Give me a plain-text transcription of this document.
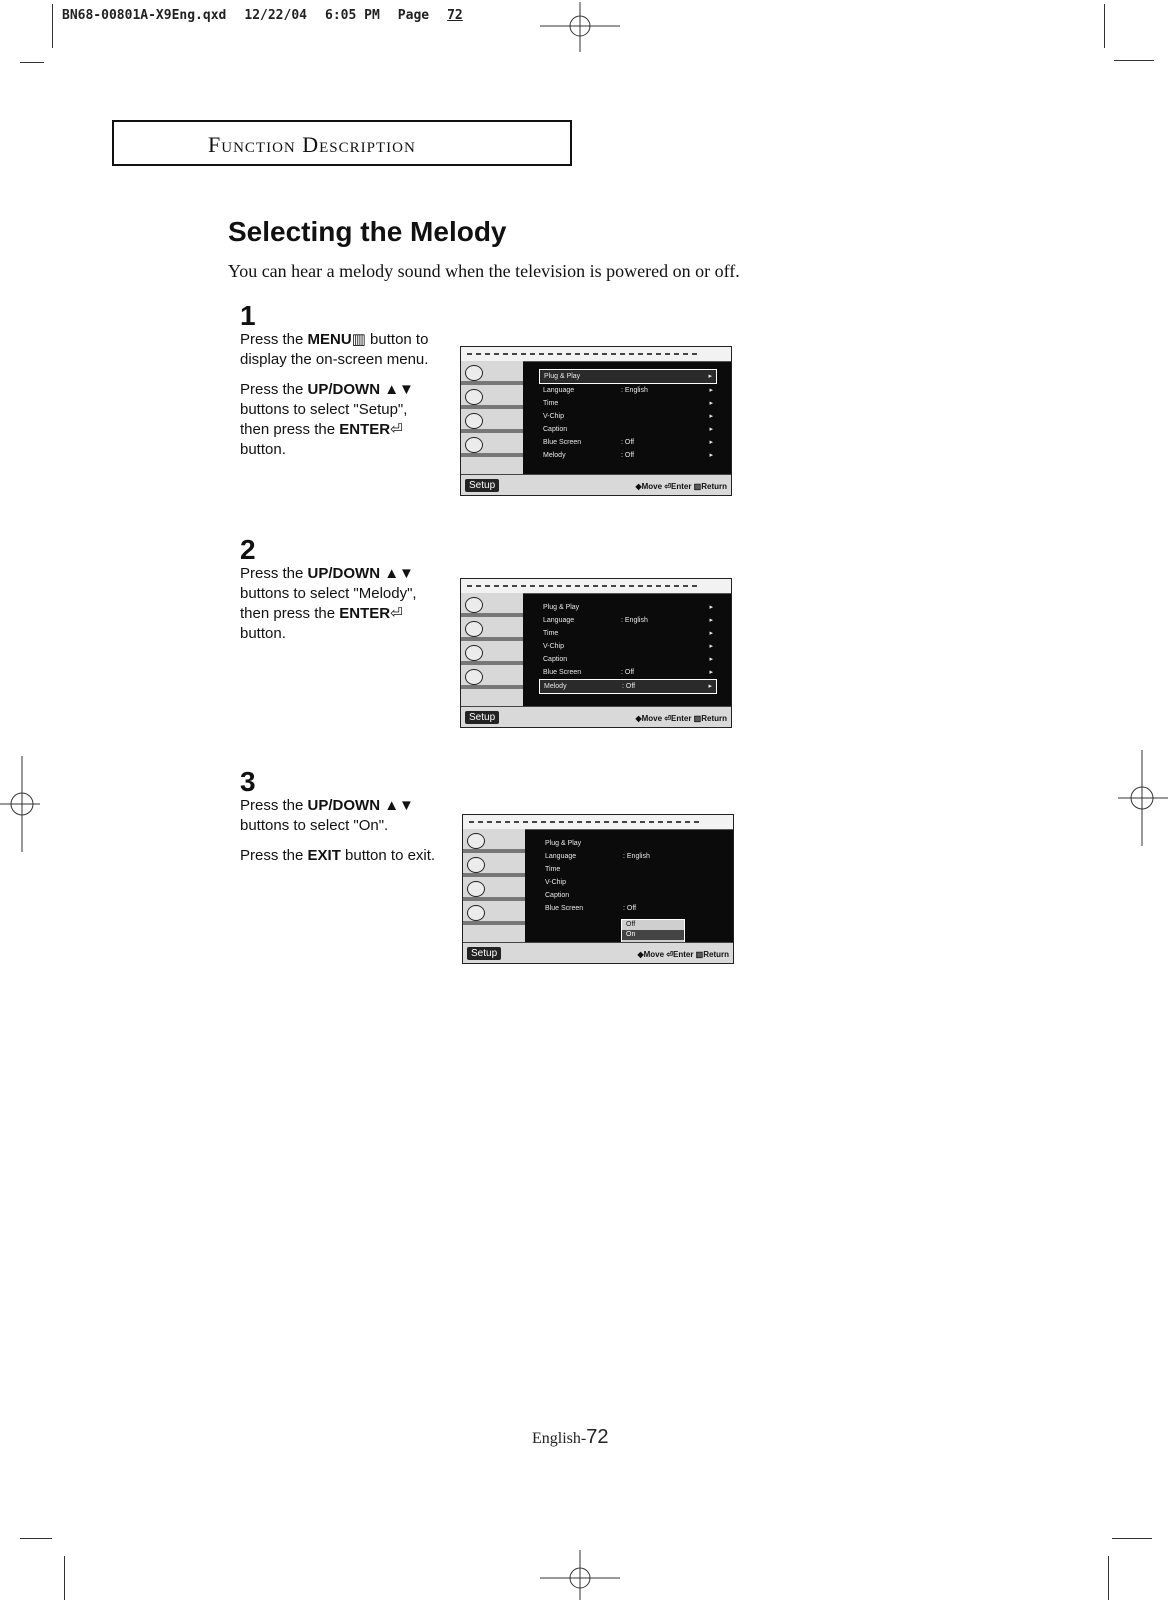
BN68-00801A-X9Eng.qxd 12/22/04 6:05 PM Page 72
Function Description
Selecting the Melody
You can hear a melody sound when the television is powered on or off.
1

Press the MENU▥ button to display the on-screen menu.

Press the UP/DOWN ▲▼ buttons to select "Setup", then press the ENTER⏎ button.

2

Press the UP/DOWN ▲▼ buttons to select "Melody", then press the ENTER⏎ button.

3

Press the UP/DOWN ▲▼ buttons to select "On".

Press the EXIT button to exit.

Plug & Play	▸
Language	: English	▸
Time	▸
V-Chip	▸
Caption	▸
Blue Screen	: Off	▸
Melody	: Off	▸
Setup	◆Move ⏎Enter ▥Return
Plug & Play	▸
Language	: English	▸
Time	▸
V-Chip	▸
Caption	▸
Blue Screen	: Off	▸
Melody	: Off	▸
Setup	◆Move ⏎Enter ▥Return
Plug & Play
Language	: English
Time
V-Chip
Caption
Blue Screen	: Off
Off
On
Setup	◆Move ⏎Enter ▥Return
English-72
